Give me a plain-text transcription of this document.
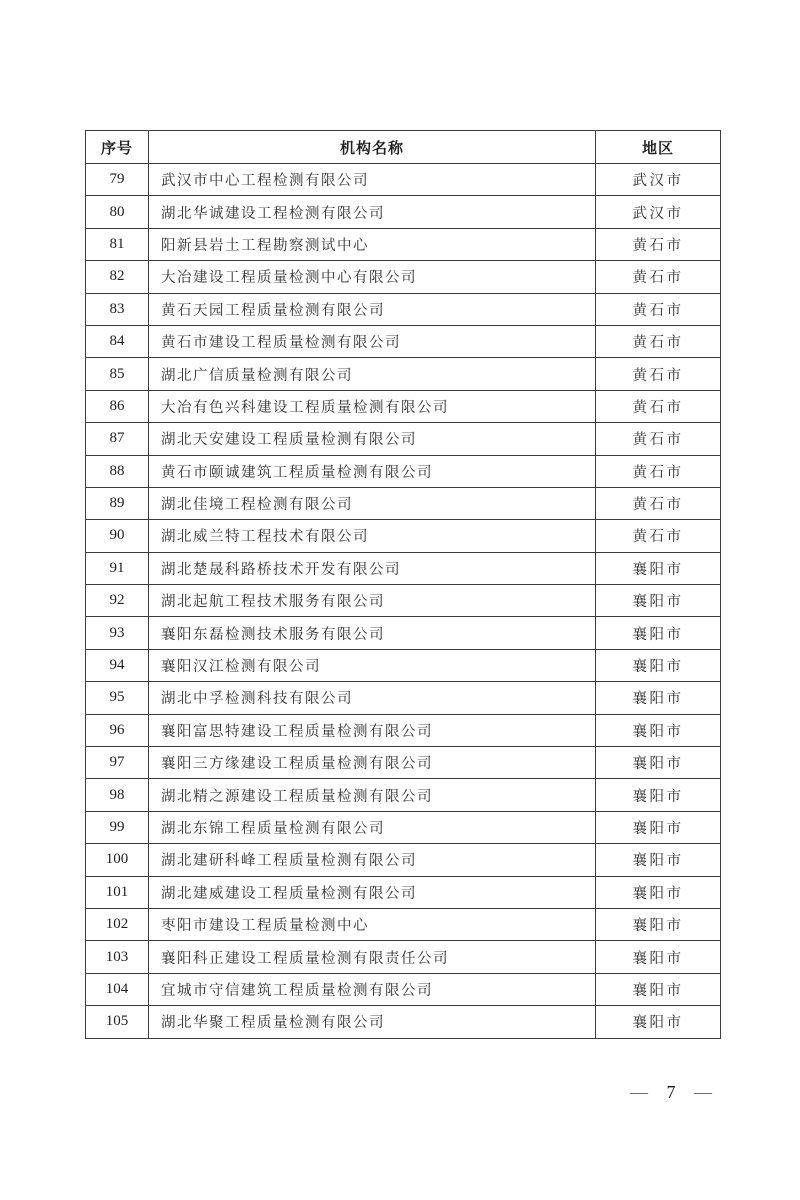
序号	机构名称	地区
79	武汉市中心工程检测有限公司	武汉市
80	湖北华诚建设工程检测有限公司	武汉市
81	阳新县岩土工程勘察测试中心	黄石市
82	大冶建设工程质量检测中心有限公司	黄石市
83	黄石天园工程质量检测有限公司	黄石市
84	黄石市建设工程质量检测有限公司	黄石市
85	湖北广信质量检测有限公司	黄石市
86	大冶有色兴科建设工程质量检测有限公司	黄石市
87	湖北天安建设工程质量检测有限公司	黄石市
88	黄石市颐诚建筑工程质量检测有限公司	黄石市
89	湖北佳境工程检测有限公司	黄石市
90	湖北威兰特工程技术有限公司	黄石市
91	湖北楚晟科路桥技术开发有限公司	襄阳市
92	湖北起航工程技术服务有限公司	襄阳市
93	襄阳东磊检测技术服务有限公司	襄阳市
94	襄阳汉江检测有限公司	襄阳市
95	湖北中孚检测科技有限公司	襄阳市
96	襄阳富思特建设工程质量检测有限公司	襄阳市
97	襄阳三方缘建设工程质量检测有限公司	襄阳市
98	湖北精之源建设工程质量检测有限公司	襄阳市
99	湖北东锦工程质量检测有限公司	襄阳市
100	湖北建研科峰工程质量检测有限公司	襄阳市
101	湖北建威建设工程质量检测有限公司	襄阳市
102	枣阳市建设工程质量检测中心	襄阳市
103	襄阳科正建设工程质量检测有限责任公司	襄阳市
104	宜城市守信建筑工程质量检测有限公司	襄阳市
105	湖北华聚工程质量检测有限公司	襄阳市
— 7 —
